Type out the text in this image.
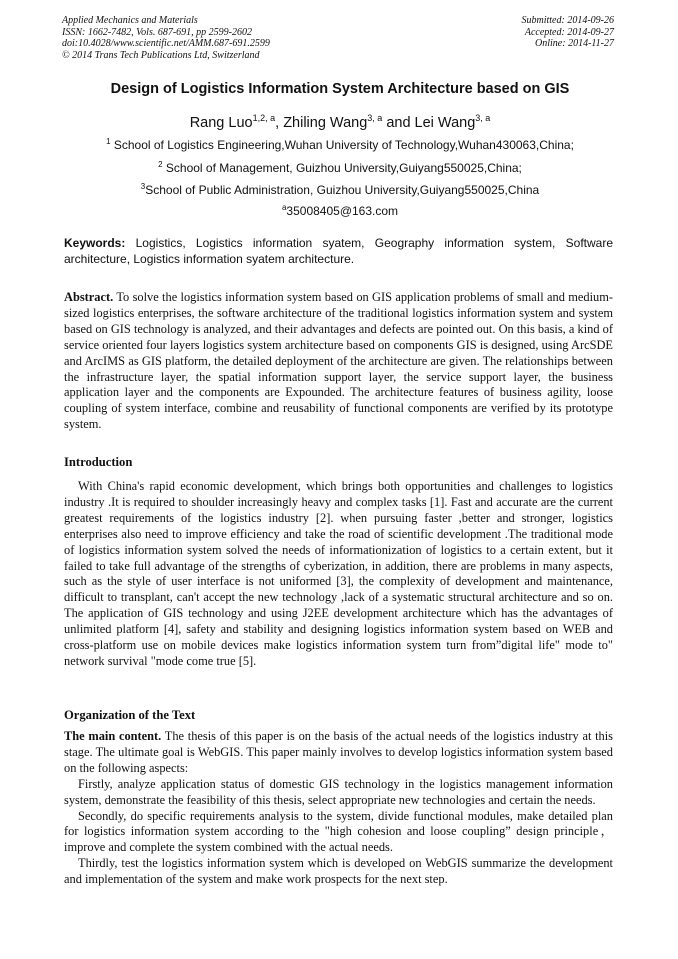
Applied Mechanics and Materials
ISSN: 1662-7482, Vols. 687-691, pp 2599-2602
doi:10.4028/www.scientific.net/AMM.687-691.2599
© 2014 Trans Tech Publications Ltd, Switzerland
Submitted: 2014-09-26
Accepted: 2014-09-27
Online: 2014-11-27
Design of Logistics Information System Architecture based on GIS
Rang Luo$^{1,2, a}$, Zhiling Wang$^{3, a}$ and Lei Wang$^{3, a}$
$^1$ School of Logistics Engineering,Wuhan University of Technology,Wuhan430063,China;
$^2$ School of Management, Guizhou University,Guiyang550025,China;
$^3$School of Public Administration, Guizhou University,Guiyang550025,China
$^a$35008405@163.com
Keywords: Logistics, Logistics information syatem, Geography information system, Software architecture, Logistics information syatem architecture.
Abstract. To solve the logistics information system based on GIS application problems of small and medium-sized logistics enterprises, the software architecture of the traditional logistics information system and system based on GIS technology is analyzed, and their advantages and defects are pointed out. On this basis, a kind of service oriented four layers logistics system architecture based on components GIS is designed, using ArcSDE and ArcIMS as GIS platform, the detailed deployment of the architecture are given. The relationships between the infrastructure layer, the spatial information support layer, the service support layer, the business application layer and the components are Expounded. The architecture features of business agility, loose coupling of system interface, combine and reusability of functional components are verified by its prototype system.
Introduction
With China's rapid economic development, which brings both opportunities and challenges to logistics industry .It is required to shoulder increasingly heavy and complex tasks [1]. Fast and accurate are the current greatest requirements of the logistics industry [2]. when pursuing faster ,better and stronger, logistics enterprises also need to improve efficiency and take the road of scientific development .The traditional mode of logistics information system solved the needs of informationization of logistics to a certain extent, but it failed to take full advantage of the strengths of cyberization, in addition, there are problems in many aspects, such as the style of user interface is not uniformed [3], the complexity of development and maintenance, difficult to transplant, can't accept the new technology ,lack of a systematic structural architecture and so on. The application of GIS technology and using J2EE development architecture which has the advantages of unlimited platform [4], safety and stability and designing logistics information system based on WEB and cross-platform use on mobile devices make logistics information system turn from”digital life" mode to" network survival "mode come true [5].
Organization of the Text

The main content. The thesis of this paper is on the basis of the actual needs of the logistics industry at this stage. The ultimate goal is WebGIS. This paper mainly involves to develop logistics information system based on the following aspects:

Firstly, analyze application status of domestic GIS technology in the logistics management information system, demonstrate the feasibility of this thesis, select appropriate new technologies and certain the needs.

Secondly, do specific requirements analysis to the system, divide functional modules, make detailed plan for logistics information system according to the "high cohesion and loose coupling” design principle， improve and complete the system combined with the actual needs.

Thirdly, test the logistics information system which is developed on WebGIS summarize the development and implementation of the system and make work prospects for the next step.
